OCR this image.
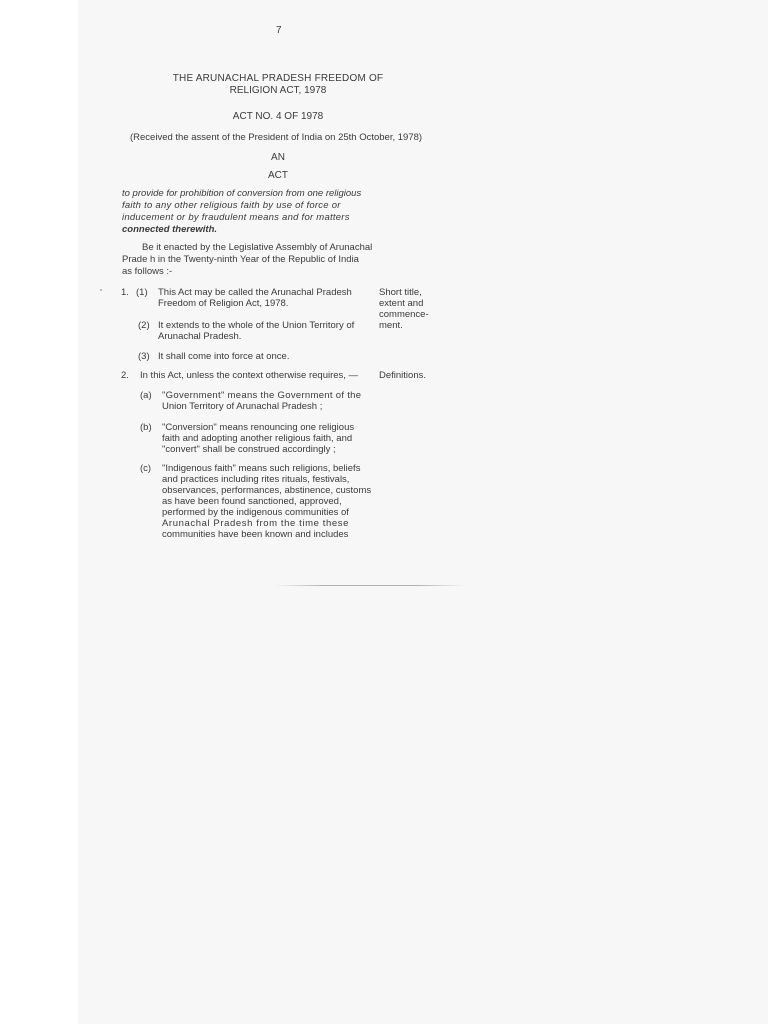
7
THE ARUNACHAL PRADESH FREEDOM OF
RELIGION ACT, 1978
ACT NO. 4 OF 1978
(Received the assent of the President of India on 25th October, 1978)
AN
ACT
to provide for prohibition of conversion from one religious
faith to any other religious faith by use of force or
inducement or by fraudulent means and for matters
connected therewith.
Be it enacted by the Legislative Assembly of Arunachal
Prade h in the Twenty-ninth Year of the Republic of India
as follows :-
1. (1) This Act may be called the Arunachal Pradesh
Freedom of Religion Act, 1978.
(2) It extends to the whole of the Union Territory of
Arunachal Pradesh.
(3) It shall come into force at once.
Short title,
extent and
commence-
ment.
2. In this Act, unless the context otherwise requires, — Definitions.
(a) "Government" means the Government of the
Union Territory of Arunachal Pradesh ;
(b) "Conversion" means renouncing one religious
faith and adopting another religious faith, and
"convert" shall be construed accordingly ;
(c) "Indigenous faith" means such religions, beliefs
and practices including rites rituals, festivals,
observances, performances, abstinence, customs
as have been found sanctioned, approved,
performed by the indigenous communities of
Arunachal Pradesh from the time these
communities have been known and includes
